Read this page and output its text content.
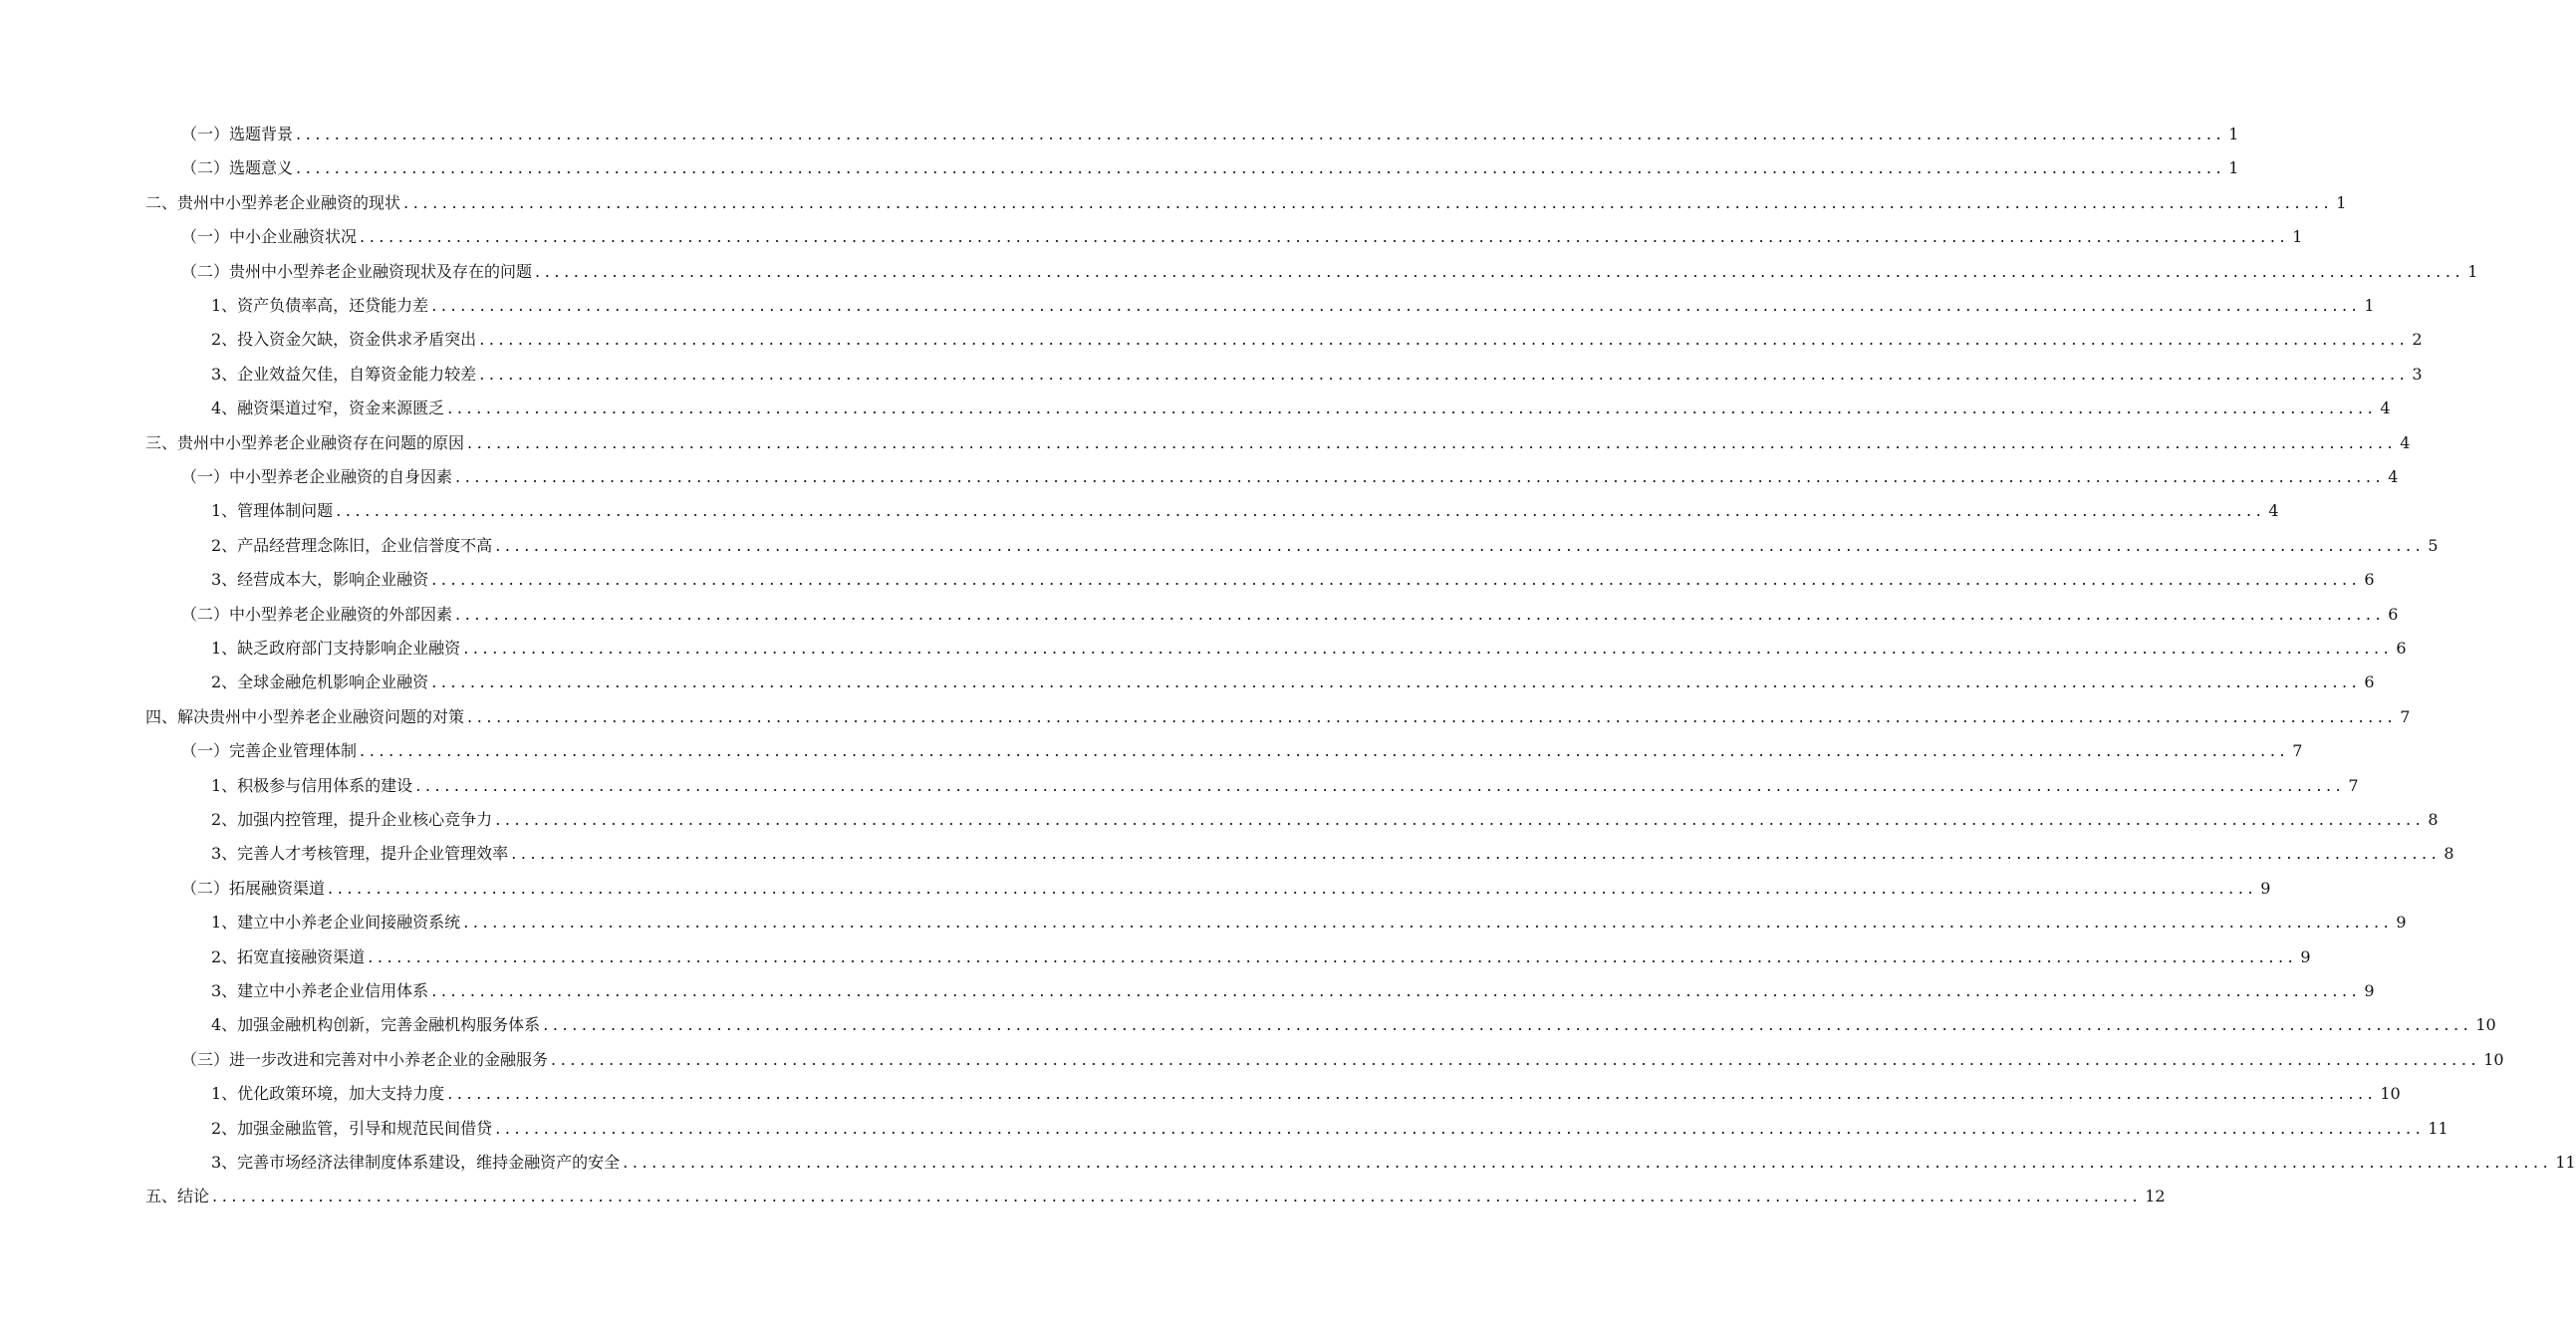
（一）选题背景 ........................................................................................................................................................................................................ 1
（二）选题意义 ........................................................................................................................................................................................................ 1
二、贵州中小型养老企业融资的现状 ........................................................................................................................................................................................................ 1
（一）中小企业融资状况 ........................................................................................................................................................................................................ 1
（二）贵州中小型养老企业融资现状及存在的问题 ........................................................................................................................................................................................................ 1
1、资产负债率高，还贷能力差 ........................................................................................................................................................................................................ 1
2、投入资金欠缺，资金供求矛盾突出 ........................................................................................................................................................................................................ 2
3、企业效益欠佳，自筹资金能力较差 ........................................................................................................................................................................................................ 3
4、融资渠道过窄，资金来源匮乏 ........................................................................................................................................................................................................ 4
三、贵州中小型养老企业融资存在问题的原因 ........................................................................................................................................................................................................ 4
（一）中小型养老企业融资的自身因素 ........................................................................................................................................................................................................ 4
1、管理体制问题 ........................................................................................................................................................................................................ 4
2、产品经营理念陈旧，企业信誉度不高 ........................................................................................................................................................................................................ 5
3、经营成本大，影响企业融资 ........................................................................................................................................................................................................ 6
（二）中小型养老企业融资的外部因素 ........................................................................................................................................................................................................ 6
1、缺乏政府部门支持影响企业融资 ........................................................................................................................................................................................................ 6
2、全球金融危机影响企业融资 ........................................................................................................................................................................................................ 6
四、解决贵州中小型养老企业融资问题的对策 ........................................................................................................................................................................................................ 7
（一）完善企业管理体制 ........................................................................................................................................................................................................ 7
1、积极参与信用体系的建设 ........................................................................................................................................................................................................ 7
2、加强内控管理，提升企业核心竞争力 ........................................................................................................................................................................................................ 8
3、完善人才考核管理，提升企业管理效率 ........................................................................................................................................................................................................ 8
（二）拓展融资渠道 ........................................................................................................................................................................................................ 9
1、建立中小养老企业间接融资系统 ........................................................................................................................................................................................................ 9
2、拓宽直接融资渠道 ........................................................................................................................................................................................................ 9
3、建立中小养老企业信用体系 ........................................................................................................................................................................................................ 9
4、加强金融机构创新，完善金融机构服务体系 ........................................................................................................................................................................................................ 10
（三）进一步改进和完善对中小养老企业的金融服务 ........................................................................................................................................................................................................ 10
1、优化政策环境，加大支持力度 ........................................................................................................................................................................................................ 10
2、加强金融监管，引导和规范民间借贷 ........................................................................................................................................................................................................ 11
3、完善市场经济法律制度体系建设，维持金融资产的安全 ........................................................................................................................................................................................................ 11
五、结论 ........................................................................................................................................................................................................ 12
